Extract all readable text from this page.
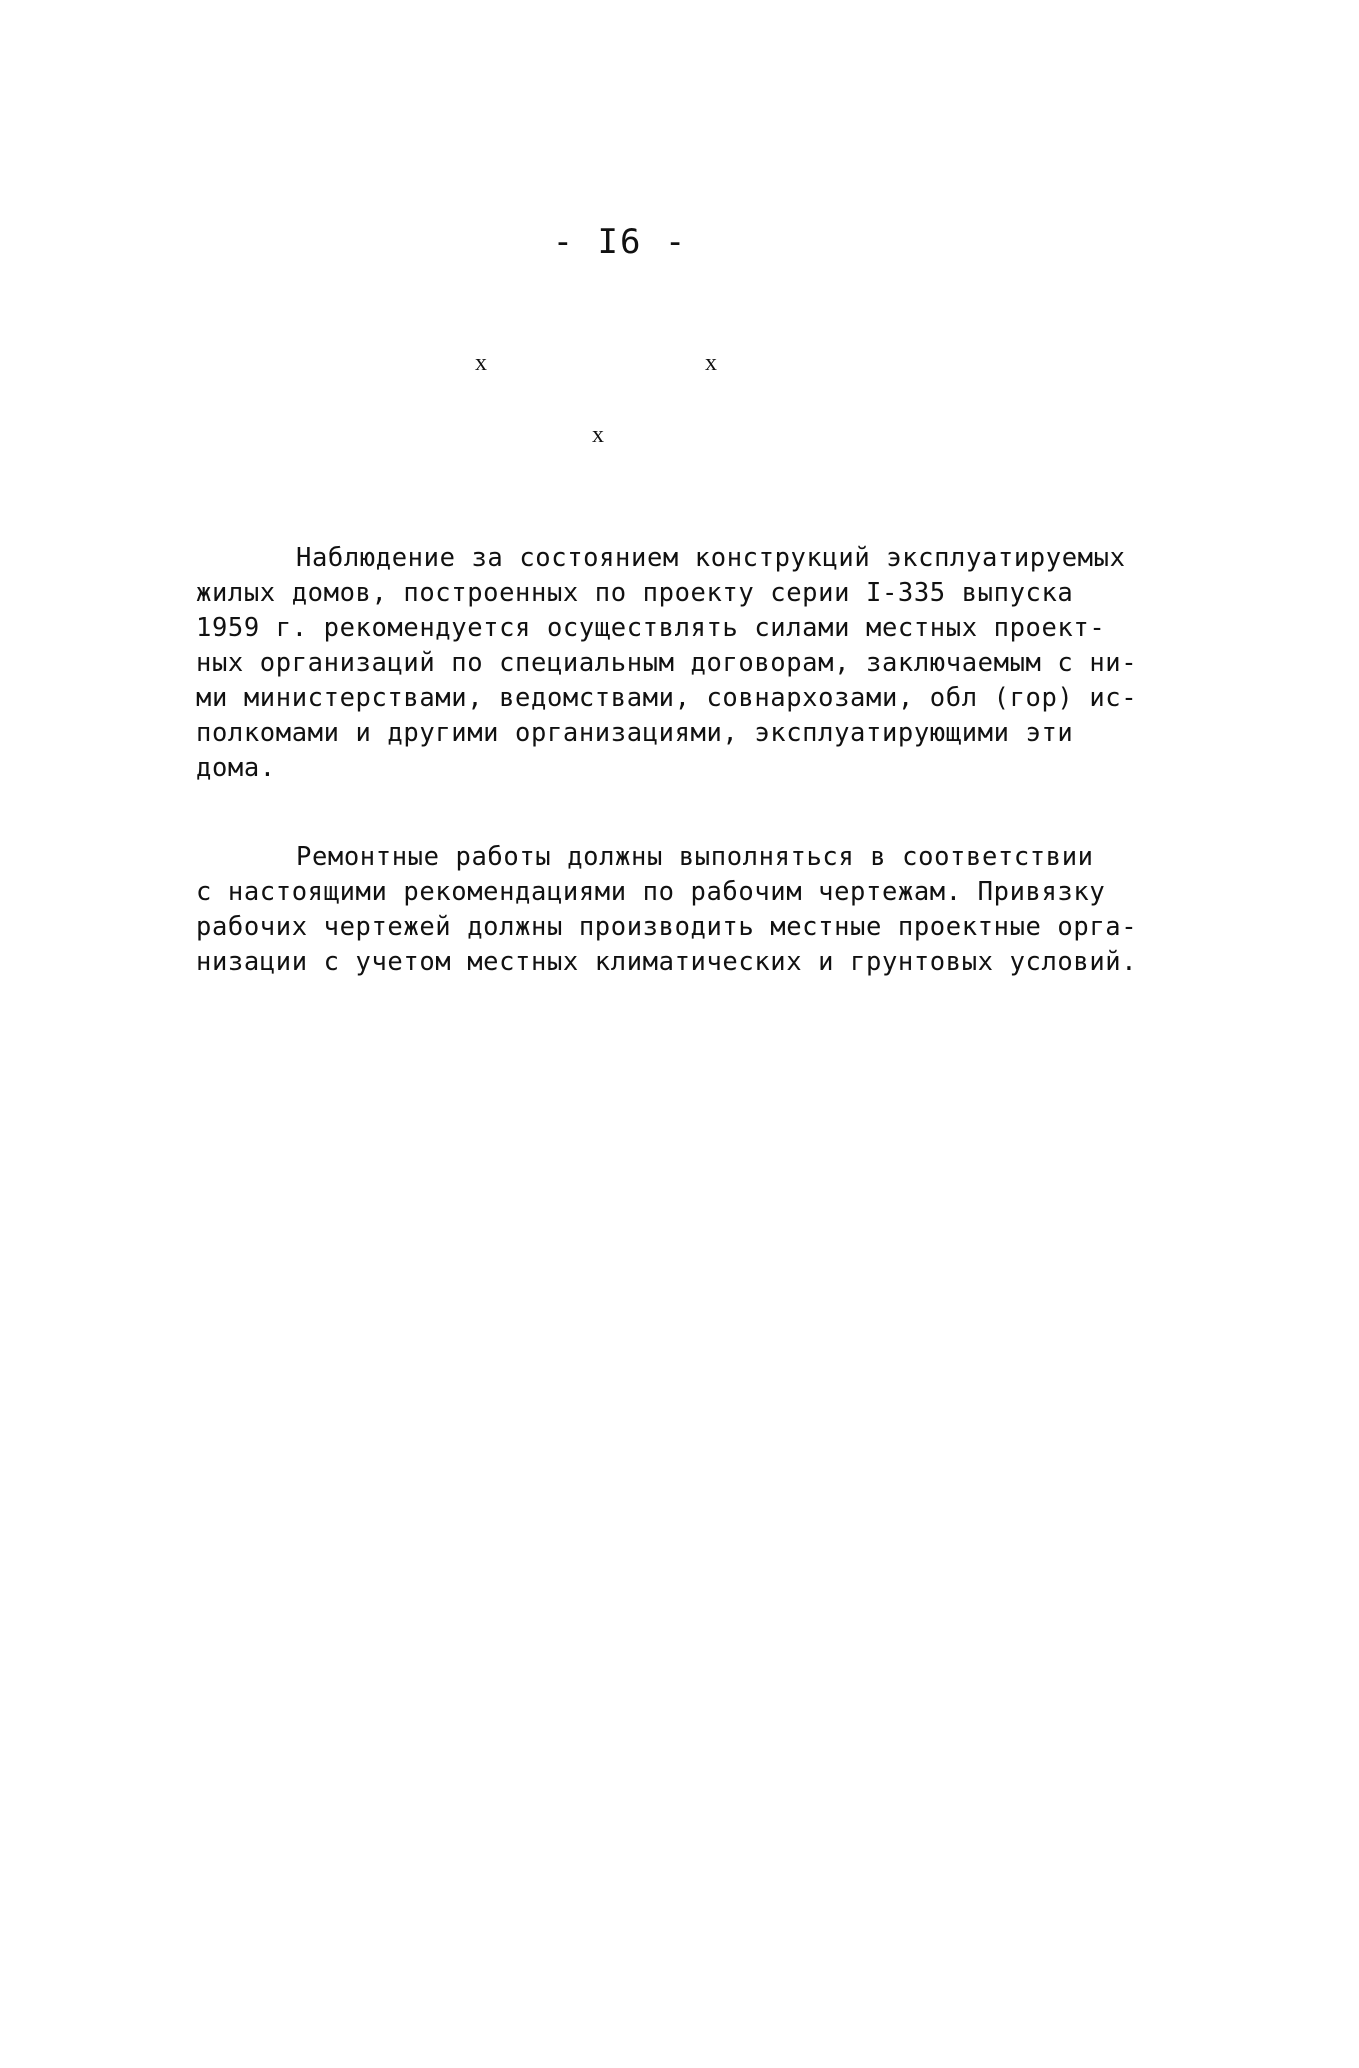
- I6 -
x	x
x
Наблюдение за состоянием конструкций эксплуатируемых
жилых домов, построенных по проекту серии I-335 выпуска
1959 г. рекомендуется осуществлять силами местных проект-
ных организаций по специальным договорам, заключаемым с ни-
ми министерствами, ведомствами, совнархозами, обл (гор) ис-
полкомами и другими организациями, эксплуатирующими эти
дома.
Ремонтные работы должны выполняться в соответствии
с настоящими рекомендациями по рабочим чертежам. Привязку
рабочих чертежей должны производить местные проектные орга-
низации с учетом местных климатических и грунтовых условий.
